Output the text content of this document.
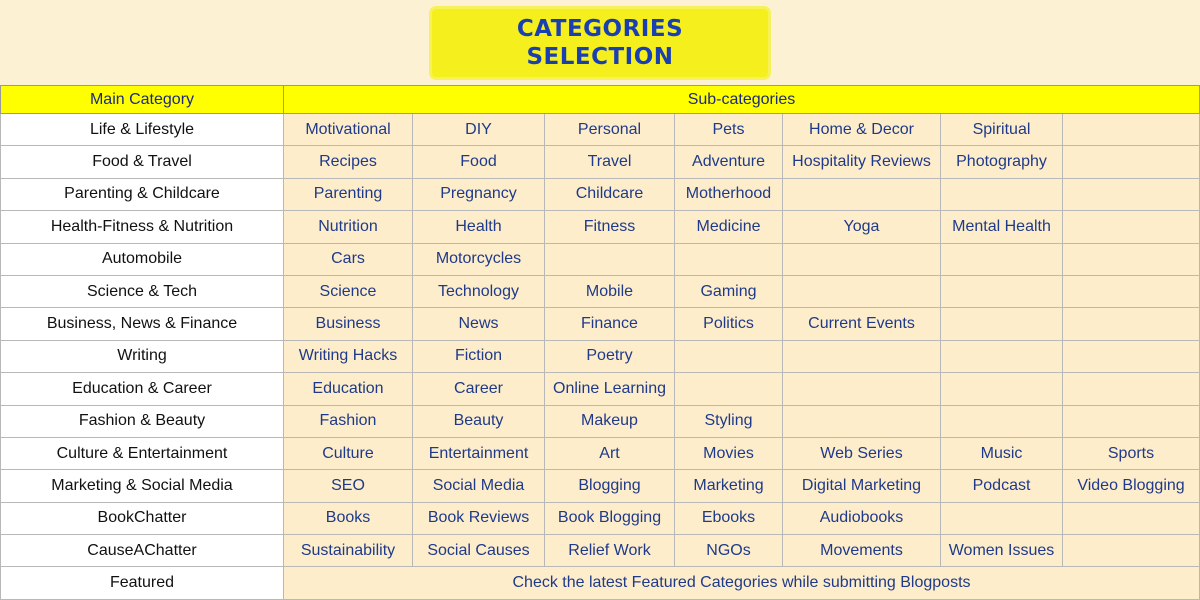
CATEGORIES
SELECTION
Main Category	Sub-categories						
Life & Lifestyle	Motivational	DIY	Personal	Pets	Home & Decor	Spiritual	
Food & Travel	Recipes	Food	Travel	Adventure	Hospitality Reviews	Photography	
Parenting & Childcare	Parenting	Pregnancy	Childcare	Motherhood			
Health-Fitness & Nutrition	Nutrition	Health	Fitness	Medicine	Yoga	Mental Health	
Automobile	Cars	Motorcycles					
Science & Tech	Science	Technology	Mobile	Gaming			
Business, News & Finance	Business	News	Finance	Politics	Current Events		
Writing	Writing Hacks	Fiction	Poetry				
Education & Career	Education	Career	Online Learning				
Fashion & Beauty	Fashion	Beauty	Makeup	Styling			
Culture & Entertainment	Culture	Entertainment	Art	Movies	Web Series	Music	Sports
Marketing & Social Media	SEO	Social Media	Blogging	Marketing	Digital Marketing	Podcast	Video Blogging
BookChatter	Books	Book Reviews	Book Blogging	Ebooks	Audiobooks		
CauseAChatter	Sustainability	Social Causes	Relief Work	NGOs	Movements	Women Issues	
Featured	Check the latest Featured Categories while submitting Blogposts						
